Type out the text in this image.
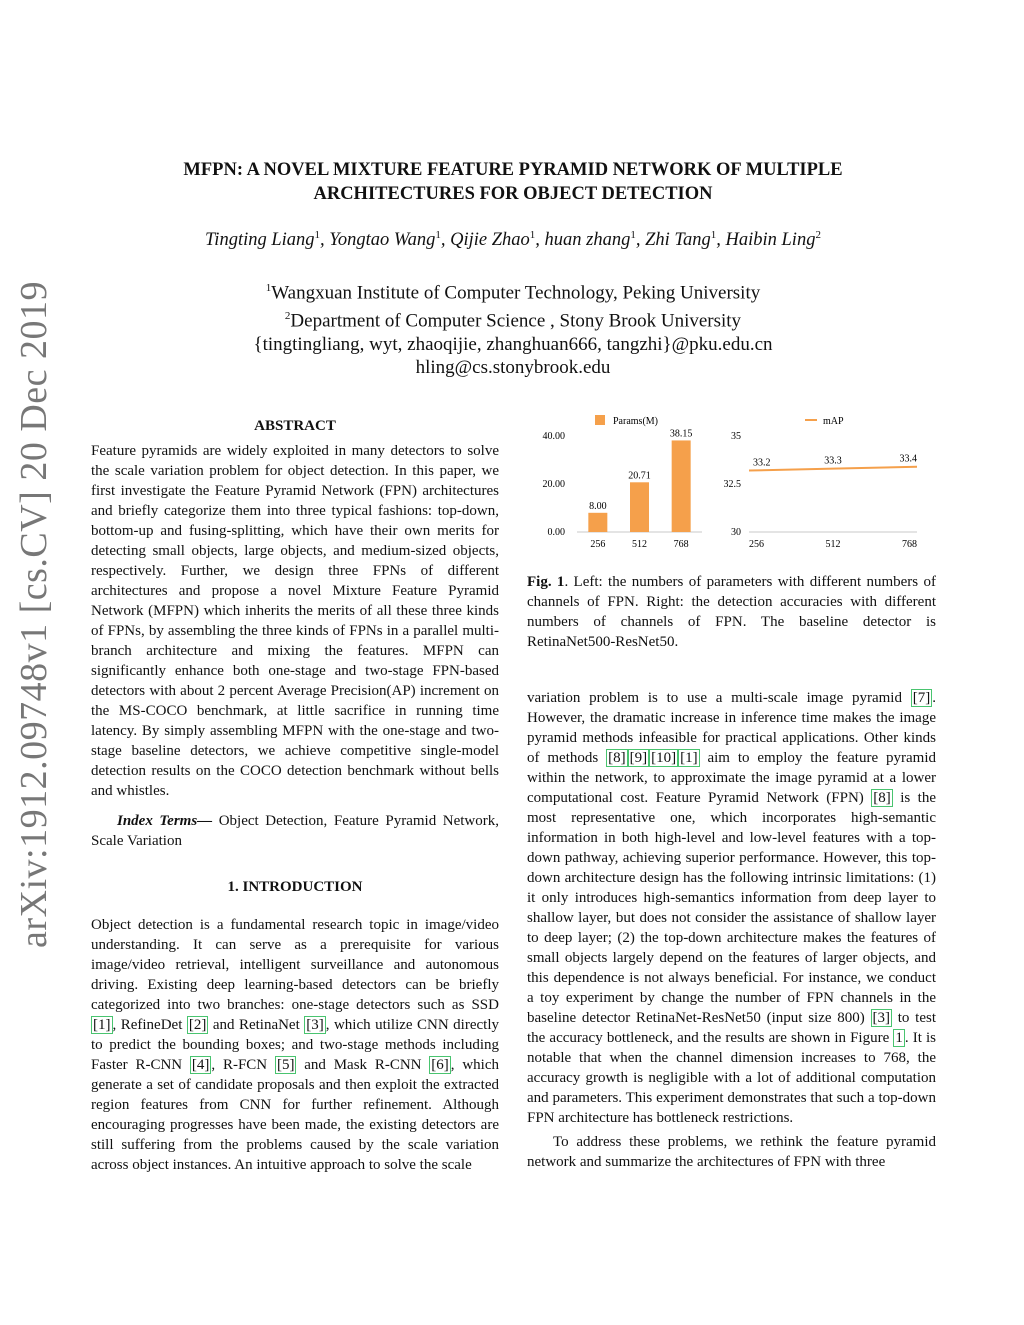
arXiv:1912.09748v1 [cs.CV] 20 Dec 2019
MFPN: A NOVEL MIXTURE FEATURE PYRAMID NETWORK OF MULTIPLE
ARCHITECTURES FOR OBJECT DETECTION
Tingting Liang$^1$, Yongtao Wang$^1$, Qijie Zhao$^1$, huan zhang$^1$, Zhi Tang$^1$, Haibin Ling$^2$
$^1$Wangxuan Institute of Computer Technology, Peking University
$^2$Department of Computer Science , Stony Brook University
{tingtingliang, wyt, zhaoqijie, zhanghuan666, tangzhi}@pku.edu.cn
hling@cs.stonybrook.edu

ABSTRACT

Feature pyramids are widely exploited in many detectors to solve the scale variation problem for object detection. In this paper, we first investigate the Feature Pyramid Network (FPN) architectures and briefly categorize them into three typical fashions: top-down, bottom-up and fusing-splitting, which have their own merits for detecting small objects, large objects, and medium-sized objects, respectively. Further, we design three FPNs of different architectures and propose a novel Mixture Feature Pyramid Network (MFPN) which inherits the merits of all these three kinds of FPNs, by assembling the three kinds of FPNs in a parallel multi-branch architecture and mixing the features. MFPN can significantly enhance both one-stage and two-stage FPN-based detectors with about 2 percent Average Precision(AP) increment on the MS-COCO benchmark, at little sacrifice in running time latency. By simply assembling MFPN with the one-stage and two-stage baseline detectors, we achieve competitive single-model detection results on the COCO detection benchmark without bells and whistles.

Index Terms— Object Detection, Feature Pyramid Network, Scale Variation

1. INTRODUCTION

Object detection is a fundamental research topic in image/video understanding. It can serve as a prerequisite for various image/video retrieval, intelligent surveillance and autonomous driving. Existing deep learning-based detectors can be briefly categorized into two branches: one-stage detectors such as SSD [1] , RefineDet [2] and RetinaNet [3] , which utilize CNN directly to predict the bounding boxes; and two-stage methods including Faster R-CNN [4] , R-FCN [5] and Mask R-CNN [6] , which generate a set of candidate proposals and then exploit the extracted region features from CNN for further refinement. Although encouraging progresses have been made, the existing detectors are still suffering from the problems caused by the scale variation across object instances. An intuitive approach to solve the scale

Params(M)
0.00
20.00
40.00
8.00
256
20.71
512
38.15
768
mAP
30
32.5
35
33.2
256
33.3
512
33.4
768
Fig. 1. Left: the numbers of parameters with different numbers of channels of FPN. Right: the detection accuracies with different numbers of channels of FPN. The baseline detector is RetinaNet500-ResNet50.

variation problem is to use a multi-scale image pyramid [7] . However, the dramatic increase in inference time makes the image pyramid methods infeasible for practical applications. Other kinds of methods [8] [9] [10] [1] aim to employ the feature pyramid within the network, to approximate the image pyramid at a lower computational cost. Feature Pyramid Network (FPN) [8] is the most representative one, which incorporates high-semantic information in both high-level and low-level features with a top-down pathway, achieving superior performance. However, this top-down architecture design has the following intrinsic limitations: (1) it only introduces high-semantics information from deep layer to shallow layer, but does not consider the assistance of shallow layer to deep layer; (2) the top-down architecture makes the features of small objects largely depend on the features of larger objects, and this dependence is not always beneficial. For instance, we conduct a toy experiment by change the number of FPN channels in the baseline detector RetinaNet-ResNet50 (input size 800) [3] to test the accuracy bottleneck, and the results are shown in Figure 1 . It is notable that when the channel dimension increases to 768, the accuracy growth is negligible with a lot of additional computation and parameters. This experiment demonstrates that such a top-down FPN architecture has bottleneck restrictions.

To address these problems, we rethink the feature pyramid network and summarize the architectures of FPN with three
